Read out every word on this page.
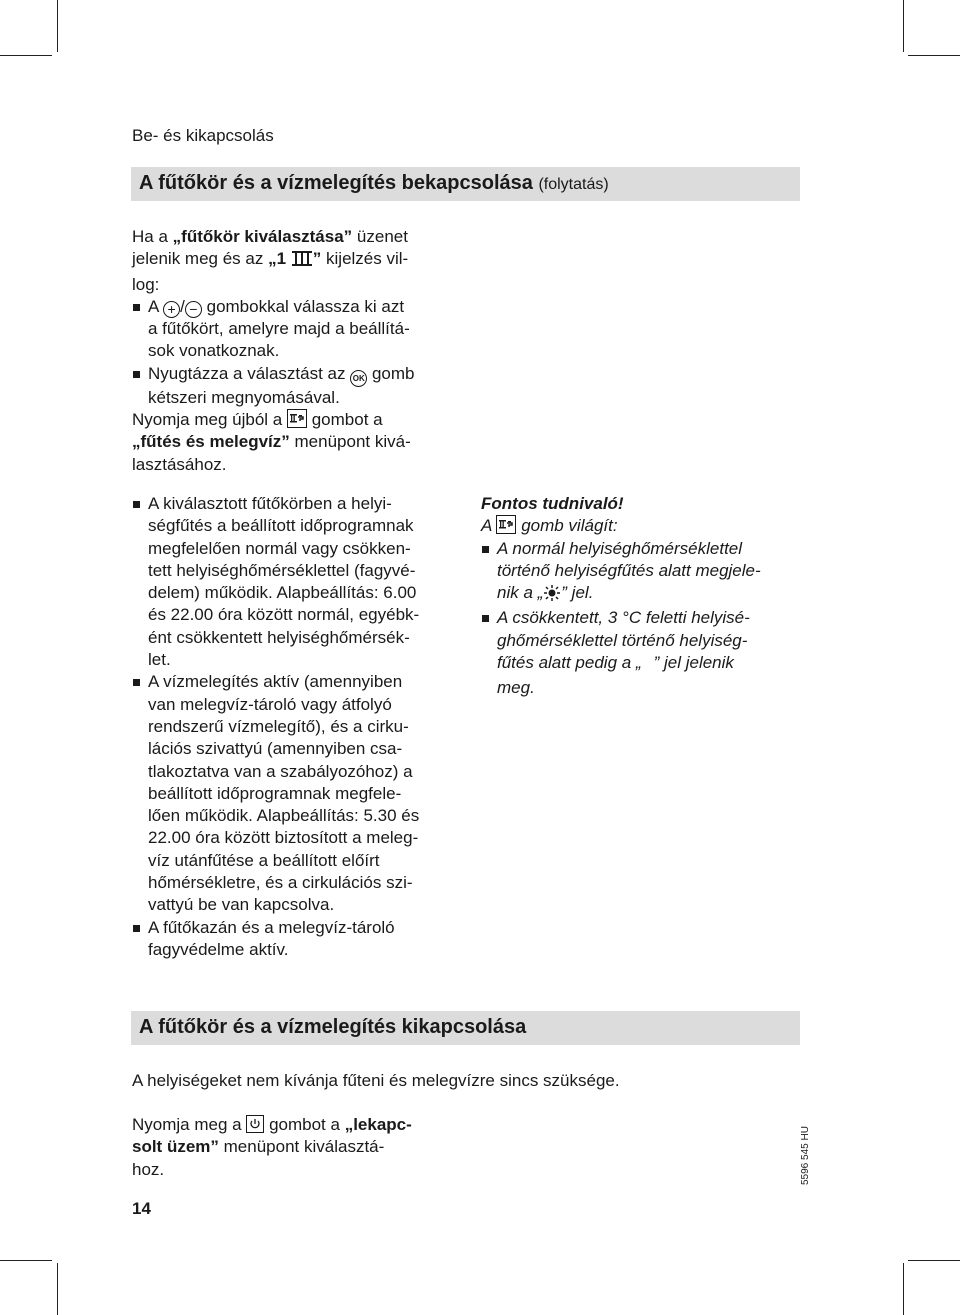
Be- és kikapcsolás
A fűtőkör és a vízmelegítés bekapcsolása (folytatás)

Ha a „fűtőkör kiválasztása” üzenet

jelenik meg és az „1 ” kijelzés vil-

log:

A + / − gombokkal válassza ki azt
a fűtőkört, amelyre majd a beállítá-
sok vonatkoznak.
Nyugtázza a választást az OK gomb
kétszeri megnyomásával.

Nyomja meg újból a gombot a

„fűtés és melegvíz” menüpont kivá-

lasztásához.

A kiválasztott fűtőkörben a helyi-
ségfűtés a beállított időprogramnak
megfelelően normál vagy csökken-
tett helyiséghőmérséklettel (fagyvé-
delem) működik. Alapbeállítás: 6.00
és 22.00 óra között normál, egyébk-
ént csökkentett helyiséghőmérsék-
let.
A vízmelegítés aktív (amennyiben
van melegvíz-tároló vagy átfolyó
rendszerű vízmelegítő), és a cirku-
lációs szivattyú (amennyiben csa-
tlakoztatva van a szabályozóhoz) a
beállított időprogramnak megfele-
lően működik. Alapbeállítás: 5.30 és
22.00 óra között biztosított a meleg-
víz utánfűtése a beállított előírt
hőmérsékletre, és a cirkulációs szi-
vattyú be van kapcsolva.
A fűtőkazán és a melegvíz-tároló
fagyvédelme aktív.

Fontos tudnivaló!

A gomb világít:

A normál helyiséghőmérséklettel
történő helyiségfűtés alatt megjele-
nik a „ ” jel.
A csökkentett, 3 °C feletti helyisé-
ghőmérséklettel történő helyiség-
fűtés alatt pedig a „ ” jel jelenik
meg.
A fűtőkör és a vízmelegítés kikapcsolása
A helyiségeket nem kívánja fűteni és melegvízre sincs szüksége.

Nyomja meg a gombot a „lekapc-

solt üzem” menüpont kiválasztá-

hoz.	5596 545 HU
14
